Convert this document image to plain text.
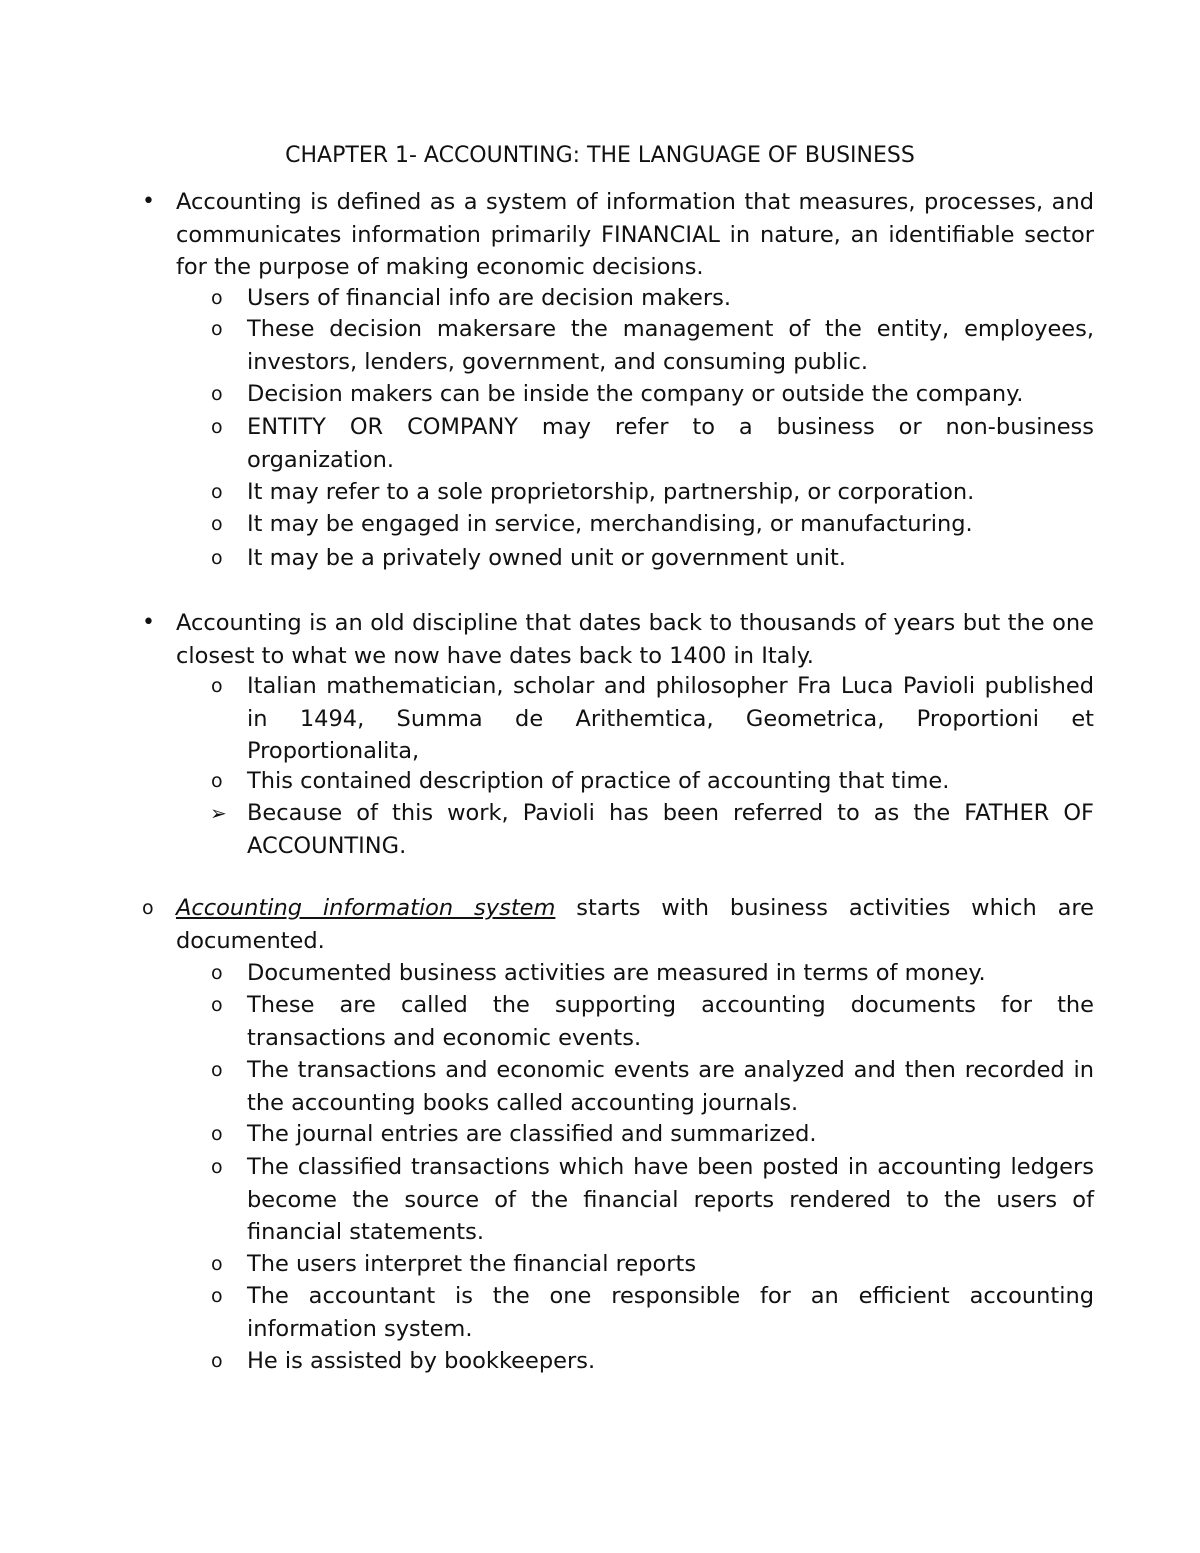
CHAPTER 1- ACCOUNTING: THE LANGUAGE OF BUSINESS
• Accounting is defined as a system of information that measures, processes, and communicates information primarily FINANCIAL in nature, an identifiable sector for the purpose of making economic decisions.
o	Users of financial info are decision makers.
o	These decision makersare the management of the entity, employees, investors, lenders, government, and consuming public.
o	Decision makers can be inside the company or outside the company.
o	ENTITY OR COMPANY may refer to a business or non-business organization.
o	It may refer to a sole proprietorship, partnership, or corporation.
o	It may be engaged in service, merchandising, or manufacturing.
o	It may be a privately owned unit or government unit.
• Accounting is an old discipline that dates back to thousands of years but the one closest to what we now have dates back to 1400 in Italy.
o	Italian mathematician, scholar and philosopher Fra Luca Pavioli published in 1494, Summa de Arithemtica, Geometrica, Proportioni et Proportionalita,
o	This contained description of practice of accounting that time.
➢ Because of this work, Pavioli has been referred to as the FATHER OF ACCOUNTING.
o Accounting information system starts with business activities which are documented.
o	Documented business activities are measured in terms of money.
o	These are called the supporting accounting documents for the transactions and economic events.
o	The transactions and economic events are analyzed and then recorded in the accounting books called accounting journals.
o	The journal entries are classified and summarized.
o	The classified transactions which have been posted in accounting ledgers become the source of the financial reports rendered to the users of financial statements.
o	The users interpret the financial reports
o	The accountant is the one responsible for an efficient accounting information system.
o	He is assisted by bookkeepers.
